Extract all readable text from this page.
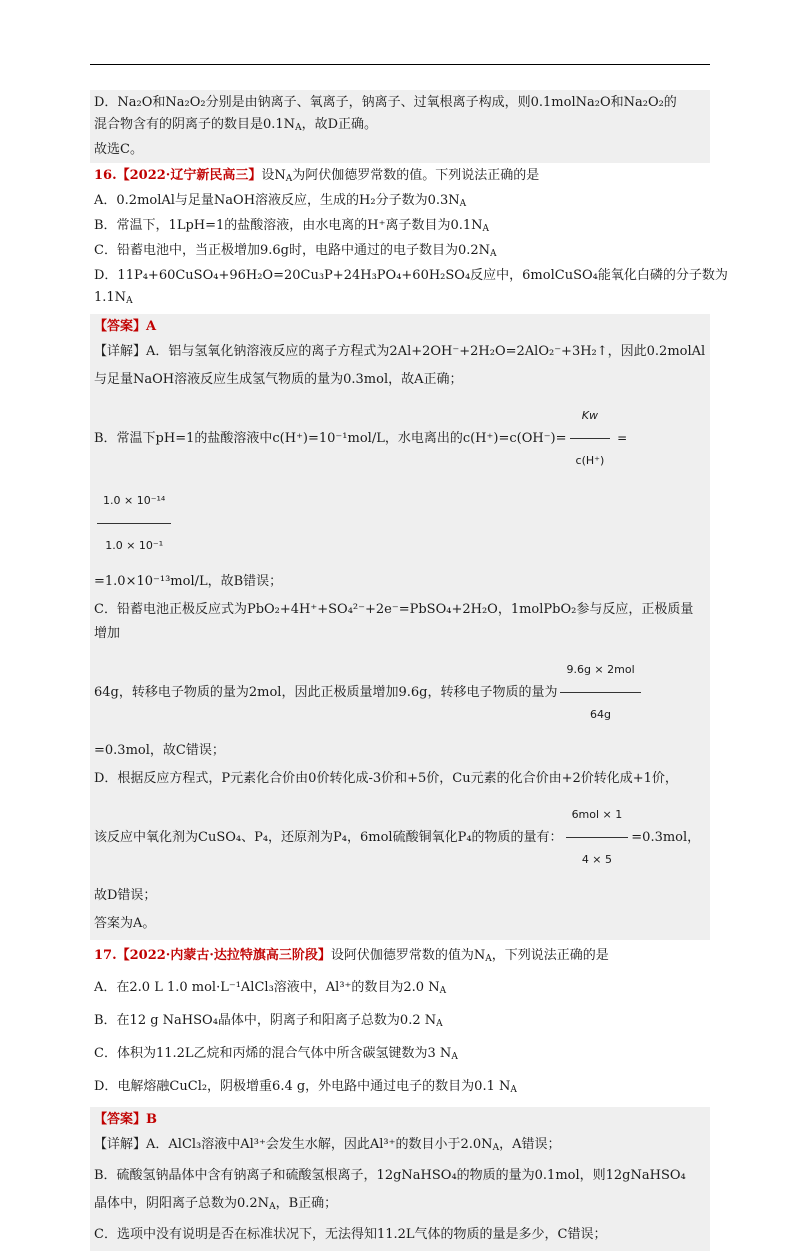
D．Na₂O和Na₂O₂分别是由钠离子、氧离子，钠离子、过氧根离子构成，则0.1molNa₂O和Na₂O₂的
混合物含有的阴离子的数目是$0.1N_A$，故D正确。
故选C。
16.【2022·辽宁新民高三】设$N_A$为阿伏伽德罗常数的值。下列说法正确的是
A．0.2molAl与足量NaOH溶液反应，生成的H₂分子数为$0.3N_A$
B．常温下，1LpH=1的盐酸溶液，由水电离的H⁺离子数目为$0.1N_A$
C．铅蓄电池中，当正极增加9.6g时，电路中通过的电子数目为$0.2N_A$
D．11P₄+60CuSO₄+96H₂O=20Cu₃P+24H₃PO₄+60H₂SO₄反应中，6molCuSO₄能氧化白磷的分子数为
$1.1N_A$
【答案】A
【详解】A．铝与氢氧化钠溶液反应的离子方程式为2Al+2OH⁻+2H₂O=2AlO₂⁻+3H₂↑，因此0.2molAl
与足量NaOH溶液反应生成氢气物质的量为0.3mol，故A正确；
B．常温下pH=1的盐酸溶液中c(H⁺)=10⁻¹mol/L，水电离出的$c(H^+)=c(OH^-)= \frac{Kw}{c(H^+)}$ =
$\frac{\text{1.0 × 10⁻¹⁴}}{\text{1.0 × 10⁻¹}}$
=1.0×10⁻¹³mol/L，故B错误；
C．铅蓄电池正极反应式为PbO₂+4H⁺+SO₄²⁻+2e⁻=PbSO₄+2H₂O，1molPbO₂参与反应，正极质量增加
64g，转移电子物质的量为2mol，因此正极质量增加9.6g，转移电子物质的量为 $\frac{\text{9.6g × 2mol}}{64g}$
=0.3mol，故C错误；
D．根据反应方程式，P元素化合价由0价转化成-3价和+5价，Cu元素的化合价由+2价转化成+1价，
该反应中氧化剂为CuSO₄、P₄，还原剂为P₄，6mol硫酸铜氧化P₄的物质的量有： $\frac{\text{6mol × 1}}{4 \times 5} =0.3mol$，
故D错误；
答案为A。
17.【2022·内蒙古·达拉特旗高三阶段】设阿伏伽德罗常数的值为$N_A$，下列说法正确的是
A．在2.0 L 1.0 mol·L⁻¹AlCl₃溶液中，Al³⁺的数目为2.0 $N_A$
B．在12 g NaHSO₄晶体中，阴离子和阳离子总数为0.2 $N_A$
C．体积为11.2L乙烷和丙烯的混合气体中所含碳氢键数为3 $N_A$
D．电解熔融CuCl₂，阴极增重6.4 g，外电路中通过电子的数目为0.1 $N_A$
【答案】B
【详解】A．AlCl₃溶液中Al³⁺会发生水解，因此Al³⁺的数目小于$2.0N_A$，A错误；
B．硫酸氢钠晶体中含有钠离子和硫酸氢根离子，12gNaHSO₄的物质的量为0.1mol，则12gNaHSO₄
晶体中，阴阳离子总数为$0.2N_A$，B正确；
C．选项中没有说明是否在标准状况下，无法得知11.2L气体的物质的量是多少，C错误；
